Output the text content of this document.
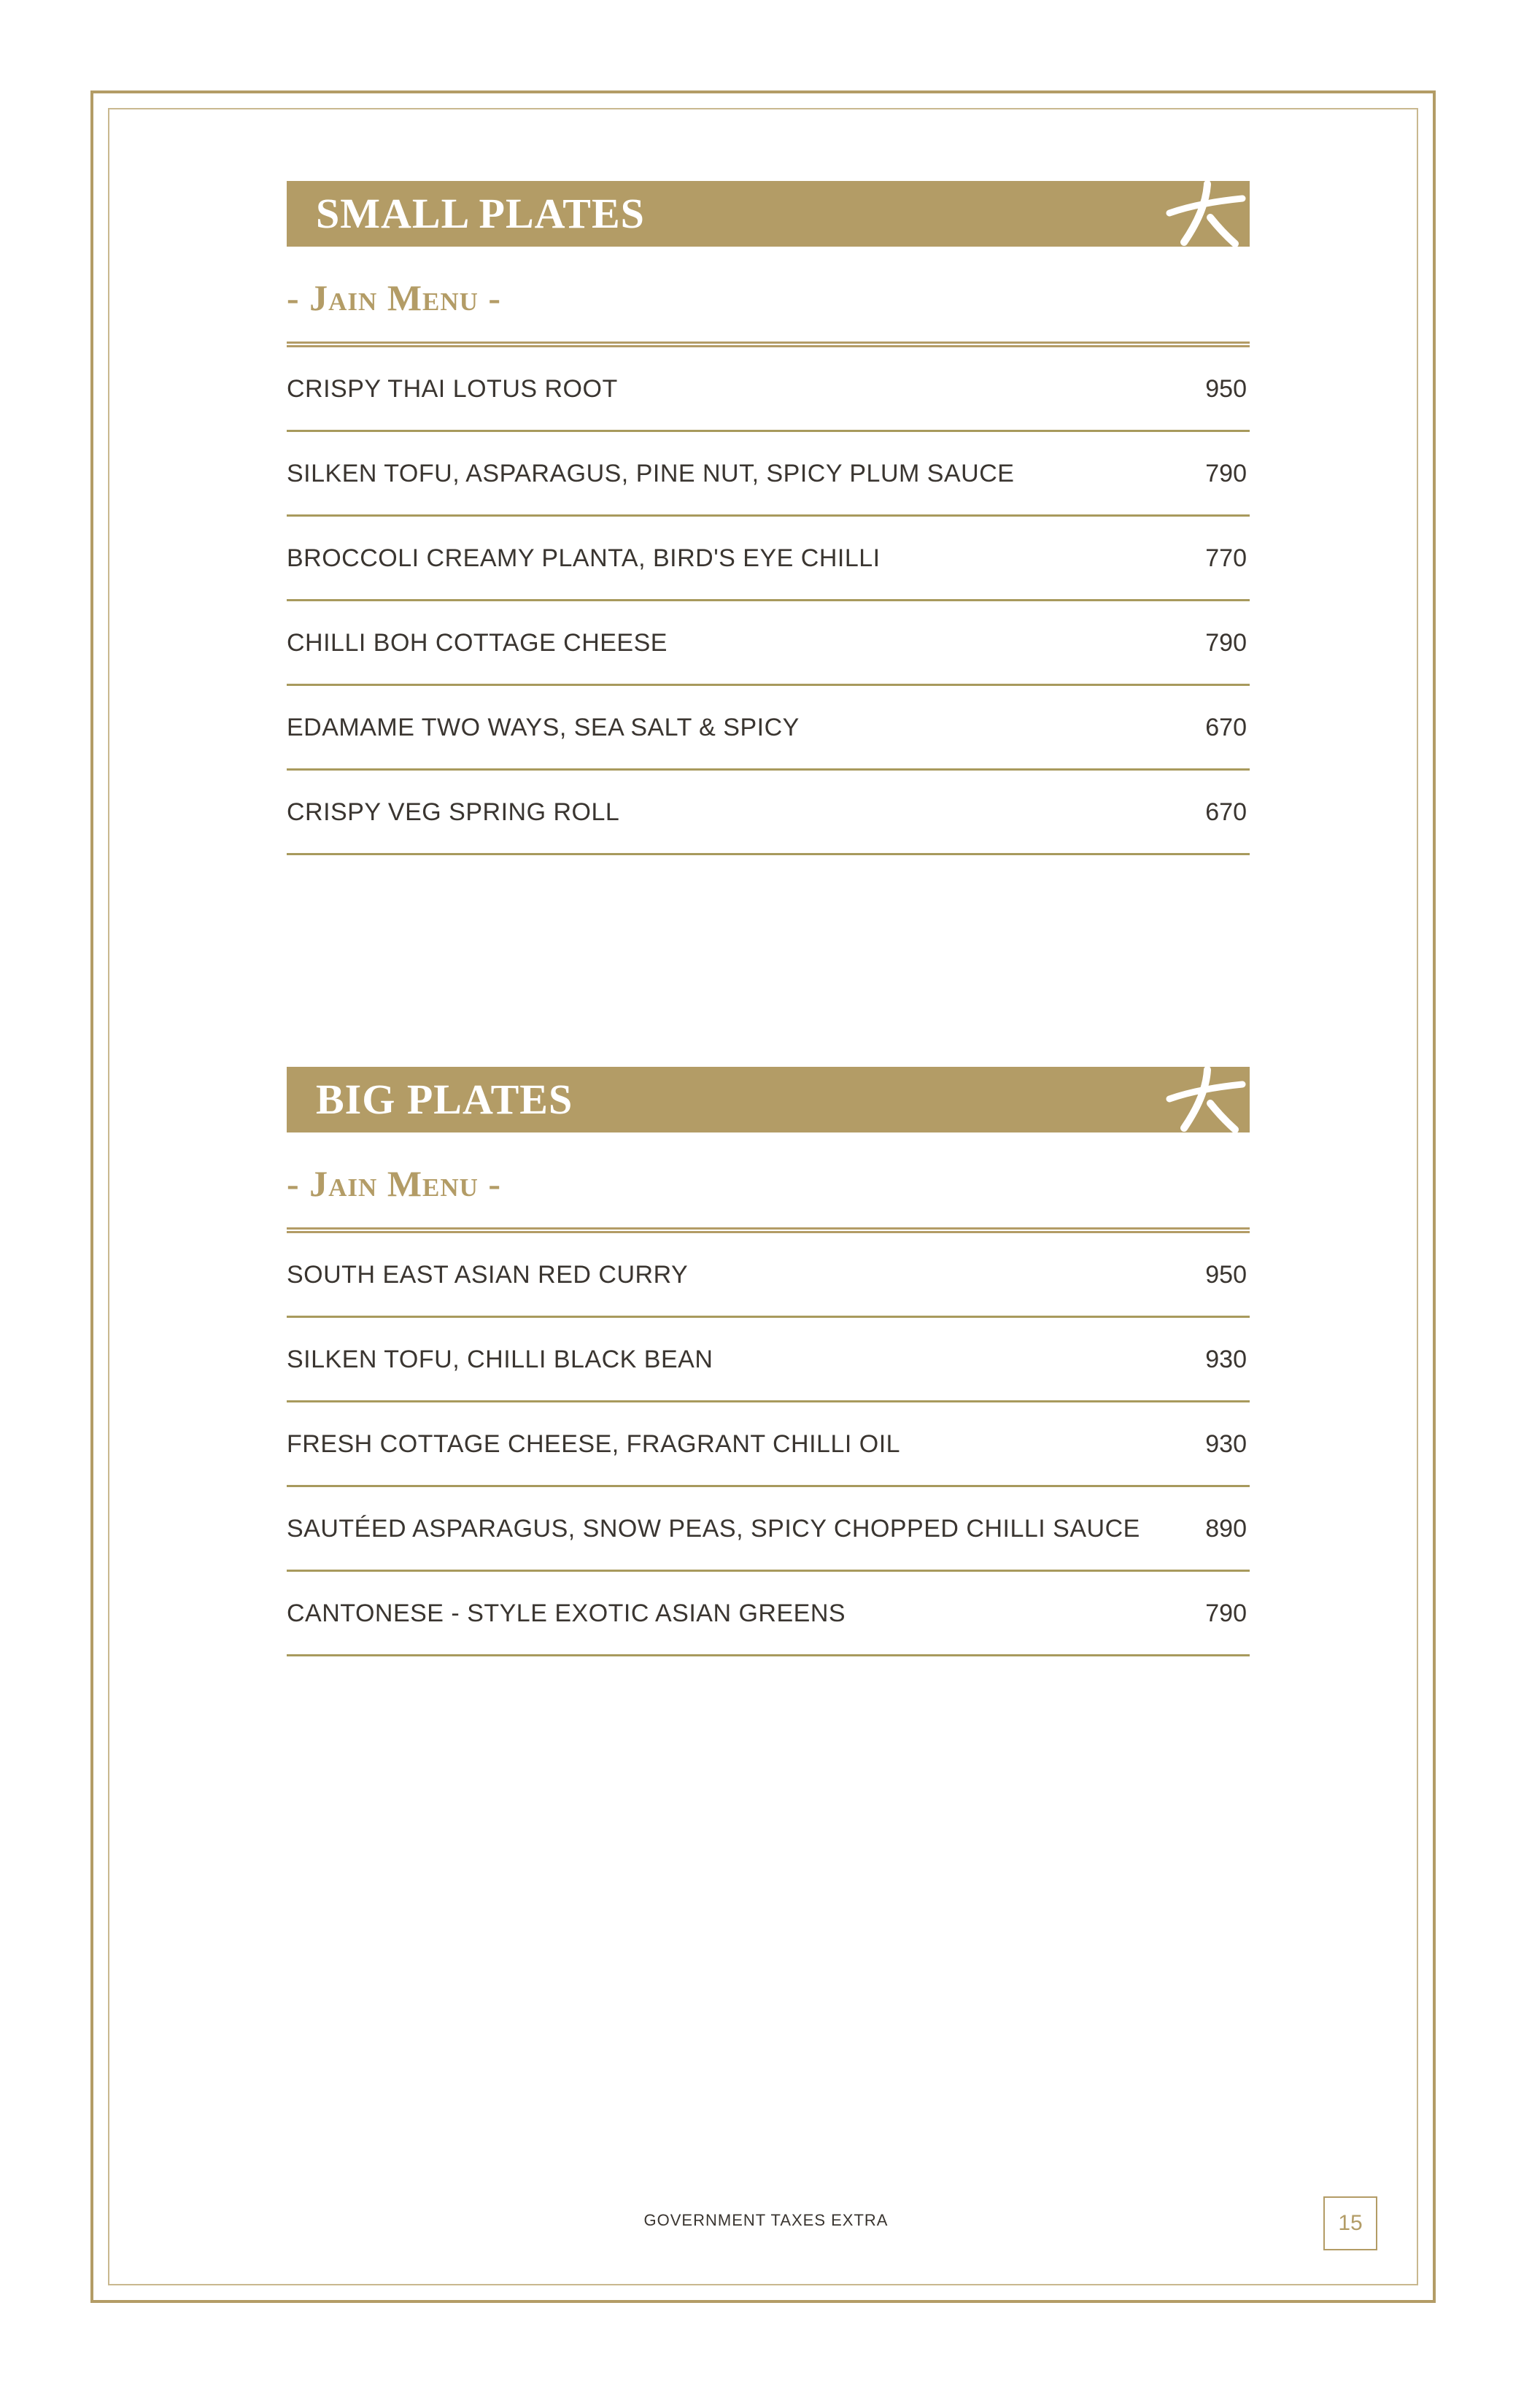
SMALL PLATES
- Jain Menu -
CRISPY THAI LOTUS ROOT	950
SILKEN TOFU, ASPARAGUS, PINE NUT, SPICY PLUM SAUCE	790
BROCCOLI CREAMY PLANTA, BIRD'S EYE CHILLI	770
CHILLI BOH COTTAGE CHEESE	790
EDAMAME TWO WAYS, SEA SALT & SPICY	670
CRISPY VEG SPRING ROLL	670
BIG PLATES
- Jain Menu -
SOUTH EAST ASIAN RED CURRY	950
SILKEN TOFU, CHILLI BLACK BEAN	930
FRESH COTTAGE CHEESE, FRAGRANT CHILLI OIL	930
SAUTÉED ASPARAGUS, SNOW PEAS, SPICY CHOPPED CHILLI SAUCE	890
CANTONESE - STYLE EXOTIC ASIAN GREENS	790
GOVERNMENT TAXES EXTRA	15
